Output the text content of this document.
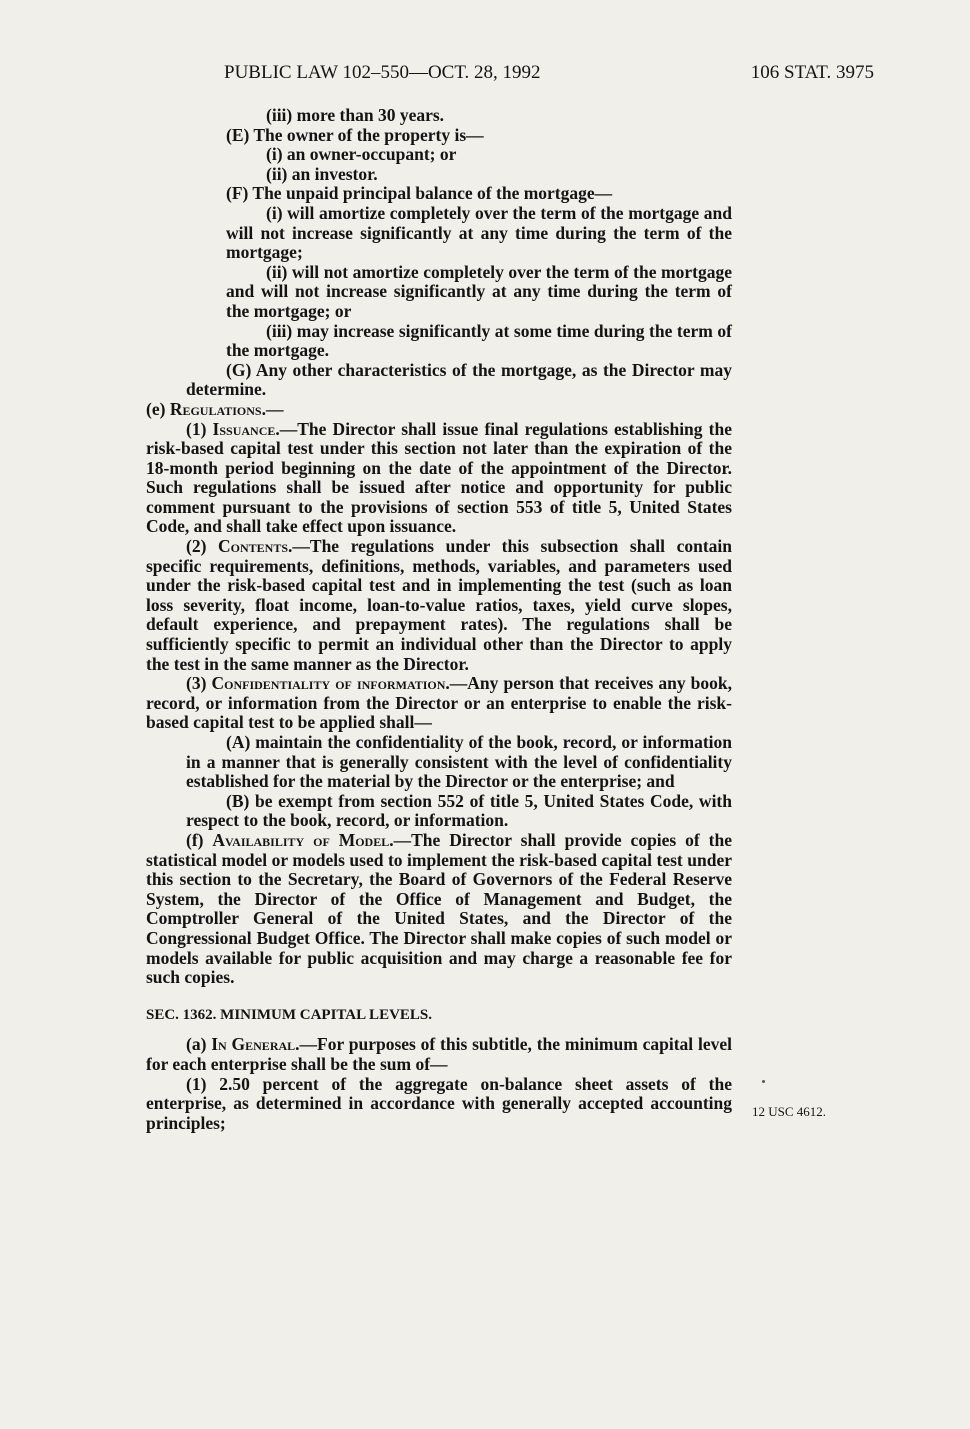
PUBLIC LAW 102–550—OCT. 28, 1992	106 STAT. 3975

(iii) more than 30 years.

(E) The owner of the property is—

(i) an owner-occupant; or

(ii) an investor.

(F) The unpaid principal balance of the mortgage—

(i) will amortize completely over the term of the mortgage and will not increase significantly at any time during the term of the mortgage;

(ii) will not amortize completely over the term of the mortgage and will not increase significantly at any time during the term of the mortgage; or

(iii) may increase significantly at some time during the term of the mortgage.

(G) Any other characteristics of the mortgage, as the Director may determine.

(e) Regulations.—

(1) Issuance.—The Director shall issue final regulations establishing the risk-based capital test under this section not later than the expiration of the 18-month period beginning on the date of the appointment of the Director. Such regulations shall be issued after notice and opportunity for public comment pursuant to the provisions of section 553 of title 5, United States Code, and shall take effect upon issuance.

(2) Contents.—The regulations under this subsection shall contain specific requirements, definitions, methods, variables, and parameters used under the risk-based capital test and in implementing the test (such as loan loss severity, float income, loan-to-value ratios, taxes, yield curve slopes, default experience, and prepayment rates). The regulations shall be sufficiently specific to permit an individual other than the Director to apply the test in the same manner as the Director.

(3) Confidentiality of information.—Any person that receives any book, record, or information from the Director or an enterprise to enable the risk-based capital test to be applied shall—

(A) maintain the confidentiality of the book, record, or information in a manner that is generally consistent with the level of confidentiality established for the material by the Director or the enterprise; and

(B) be exempt from section 552 of title 5, United States Code, with respect to the book, record, or information.

(f) Availability of Model.—The Director shall provide copies of the statistical model or models used to implement the risk-based capital test under this section to the Secretary, the Board of Governors of the Federal Reserve System, the Director of the Office of Management and Budget, the Comptroller General of the United States, and the Director of the Congressional Budget Office. The Director shall make copies of such model or models available for public acquisition and may charge a reasonable fee for such copies.

SEC. 1362. MINIMUM CAPITAL LEVELS.

(a) In General.—For purposes of this subtitle, the minimum capital level for each enterprise shall be the sum of—

(1) 2.50 percent of the aggregate on-balance sheet assets of the enterprise, as determined in accordance with generally accepted accounting principles;

12 USC 4612.
